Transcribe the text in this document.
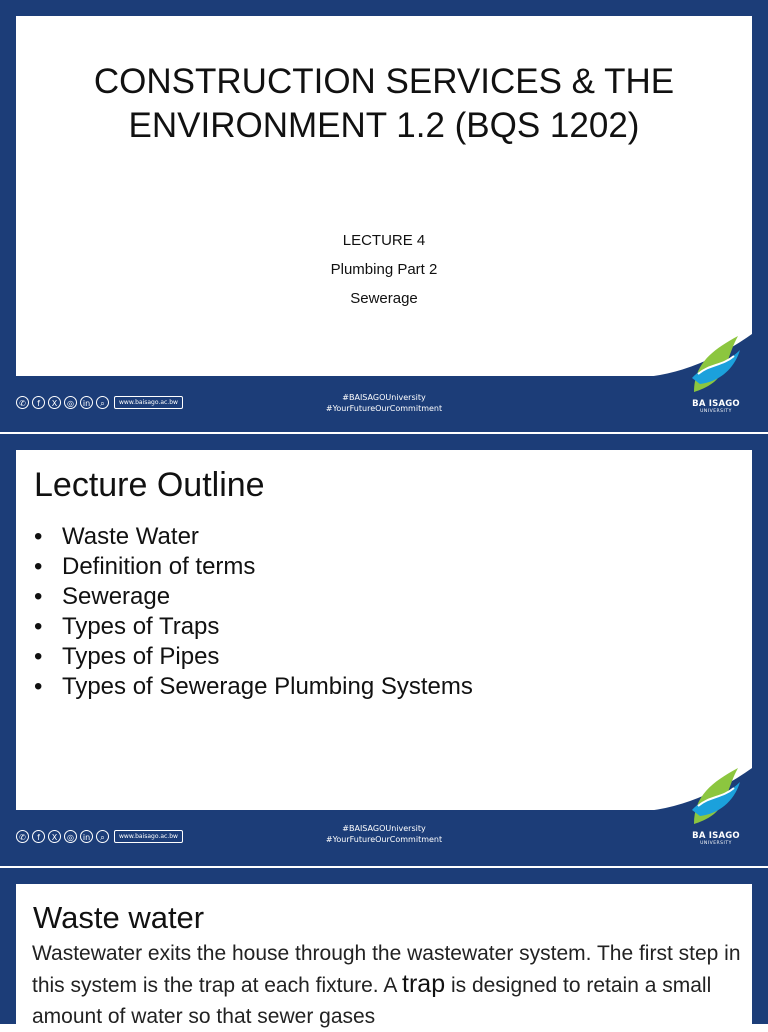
CONSTRUCTION SERVICES & THE
ENVIRONMENT 1.2 (BQS 1202)
LECTURE 4
Plumbing Part 2
Sewerage
✆	f	X	◎	in	⌕	www.baisago.ac.bw
#BAISAGOUniversity
#YourFutureOurCommitment	BA ISAGO
UNIVERSITY
✆	f	X	◎	in	⌕	www.baisago.ac.bw
#BAISAGOUniversity
#YourFutureOurCommitment	BA ISAGO
UNIVERSITY
Lecture Outline
• Waste Water
• Definition of terms
• Sewerage
• Types of Traps
• Types of Pipes
• Types of Sewerage Plumbing Systems
Waste water
Wastewater exits the house through the wastewater system. The first step in this system is the trap at each fixture. A trap is designed to retain a small amount of water so that sewer gases
